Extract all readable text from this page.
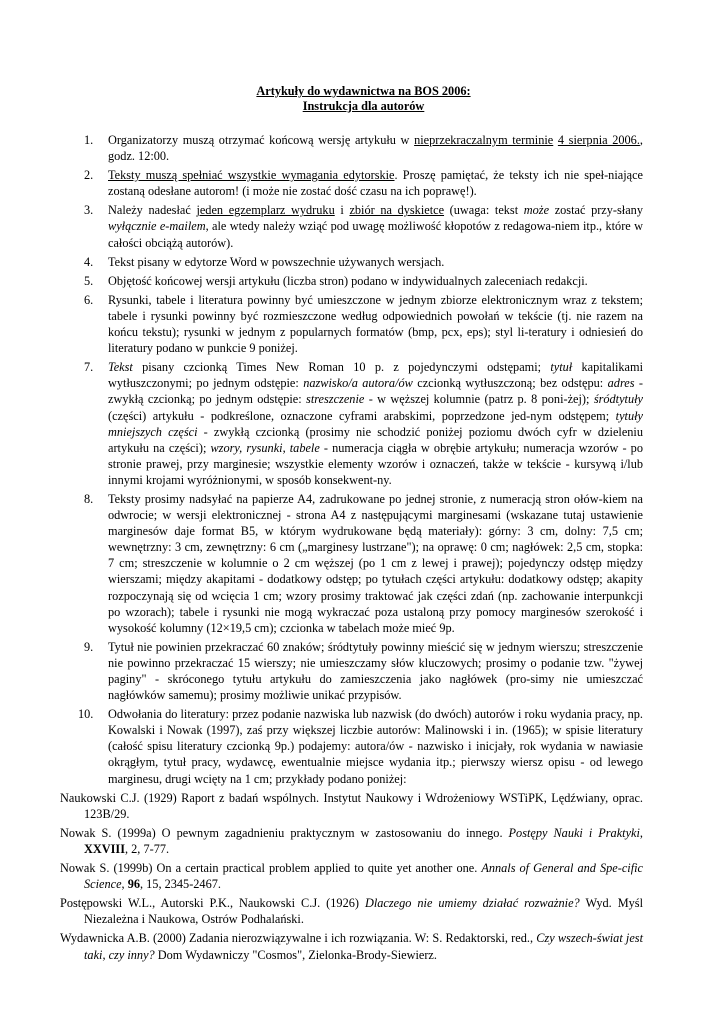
Artykuły do wydawnictwa na BOS 2006:
Instrukcja dla autorów
1. Organizatorzy muszą otrzymać końcową wersję artykułu w nieprzekraczalnym terminie 4 sierpnia 2006., godz. 12:00.
2. Teksty muszą spełniać wszystkie wymagania edytorskie. Proszę pamiętać, że teksty ich nie speł-niające zostaną odesłane autorom! (i może nie zostać dość czasu na ich poprawę!).
3. Należy nadesłać jeden egzemplarz wydruku i zbiór na dyskietce (uwaga: tekst może zostać przy-słany wyłącznie e-mailem, ale wtedy należy wziąć pod uwagę możliwość kłopotów z redagowa-niem itp., które w całości obciążą autorów).
4. Tekst pisany w edytorze Word w powszechnie używanych wersjach.
5. Objętość końcowej wersji artykułu (liczba stron) podano w indywidualnych zaleceniach redakcji.
6. Rysunki, tabele i literatura powinny być umieszczone w jednym zbiorze elektronicznym wraz z tekstem; tabele i rysunki powinny być rozmieszczone według odpowiednich powołań w tekście (tj. nie razem na końcu tekstu); rysunki w jednym z popularnych formatów (bmp, pcx, eps); styl li-teratury i odniesień do literatury podano w punkcie 9 poniżej.
7. Tekst pisany czcionką Times New Roman 10 p. z pojedynczymi odstępami; tytuł kapitalikami wytłuszczonymi; po jednym odstępie: nazwisko/a autora/ów czcionką wytłuszczoną; bez odstępu: adres - zwykłą czcionką; po jednym odstępie: streszczenie - w węższej kolumnie (patrz p. 8 poni-żej); śródtytuły (części) artykułu - podkreślone, oznaczone cyframi arabskimi, poprzedzone jed-nym odstępem; tytuły mniejszych części - zwykłą czcionką (prosimy nie schodzić poniżej poziomu dwóch cyfr w dzieleniu artykułu na części); wzory, rysunki, tabele - numeracja ciągła w obrębie artykułu; numeracja wzorów - po stronie prawej, przy marginesie; wszystkie elementy wzorów i oznaczeń, także w tekście - kursywą i/lub innymi krojami wyróżnionymi, w sposób konsekwent-ny.
8. Teksty prosimy nadsyłać na papierze A4, zadrukowane po jednej stronie, z numeracją stron ołów-kiem na odwrocie; w wersji elektronicznej - strona A4 z następującymi marginesami (wskazane tutaj ustawienie marginesów daje format B5, w którym wydrukowane będą materiały): górny: 3 cm, dolny: 7,5 cm; wewnętrzny: 3 cm, zewnętrzny: 6 cm („marginesy lustrzane"); na oprawę: 0 cm; nagłówek: 2,5 cm, stopka: 7 cm; streszczenie w kolumnie o 2 cm węższej (po 1 cm z lewej i prawej); pojedynczy odstęp między wierszami; między akapitami - dodatkowy odstęp; po tytułach części artykułu: dodatkowy odstęp; akapity rozpoczynają się od wcięcia 1 cm; wzory prosimy traktować jak części zdań (np. zachowanie interpunkcji po wzorach); tabele i rysunki nie mogą wykraczać poza ustaloną przy pomocy marginesów szerokość i wysokość kolumny (12×19,5 cm); czcionka w tabelach może mieć 9p.
9. Tytuł nie powinien przekraczać 60 znaków; śródtytuły powinny mieścić się w jednym wierszu; streszczenie nie powinno przekraczać 15 wierszy; nie umieszczamy słów kluczowych; prosimy o podanie tzw. "żywej paginy" - skróconego tytułu artykułu do zamieszczenia jako nagłówek (pro-simy nie umieszczać nagłówków samemu); prosimy możliwie unikać przypisów.
10. Odwołania do literatury: przez podanie nazwiska lub nazwisk (do dwóch) autorów i roku wydania pracy, np. Kowalski i Nowak (1997), zaś przy większej liczbie autorów: Malinowski i in. (1965); w spisie literatury (całość spisu literatury czcionką 9p.) podajemy: autora/ów - nazwisko i inicjały, rok wydania w nawiasie okrągłym, tytuł pracy, wydawcę, ewentualnie miejsce wydania itp.; pierwszy wiersz opisu - od lewego marginesu, drugi wcięty na 1 cm; przykłady podano poniżej:
Naukowski C.J. (1929) Raport z badań wspólnych. Instytut Naukowy i Wdrożeniowy WSTiPK, Lędźwiany, oprac. 123B/29.
Nowak S. (1999a) O pewnym zagadnieniu praktycznym w zastosowaniu do innego. Postępy Nauki i Praktyki, XXVIII, 2, 7-77.
Nowak S. (1999b) On a certain practical problem applied to quite yet another one. Annals of General and Spe-cific Science, 96, 15, 2345-2467.
Postępowski W.L., Autorski P.K., Naukowski C.J. (1926) Dlaczego nie umiemy działać rozważnie? Wyd. Myśl Niezależna i Naukowa, Ostrów Podhalański.
Wydawnicka A.B. (2000) Zadania nierozwiązywalne i ich rozwiązania. W: S. Redaktorski, red., Czy wszech-świat jest taki, czy inny? Dom Wydawniczy "Cosmos", Zielonka-Brody-Siewierz.
